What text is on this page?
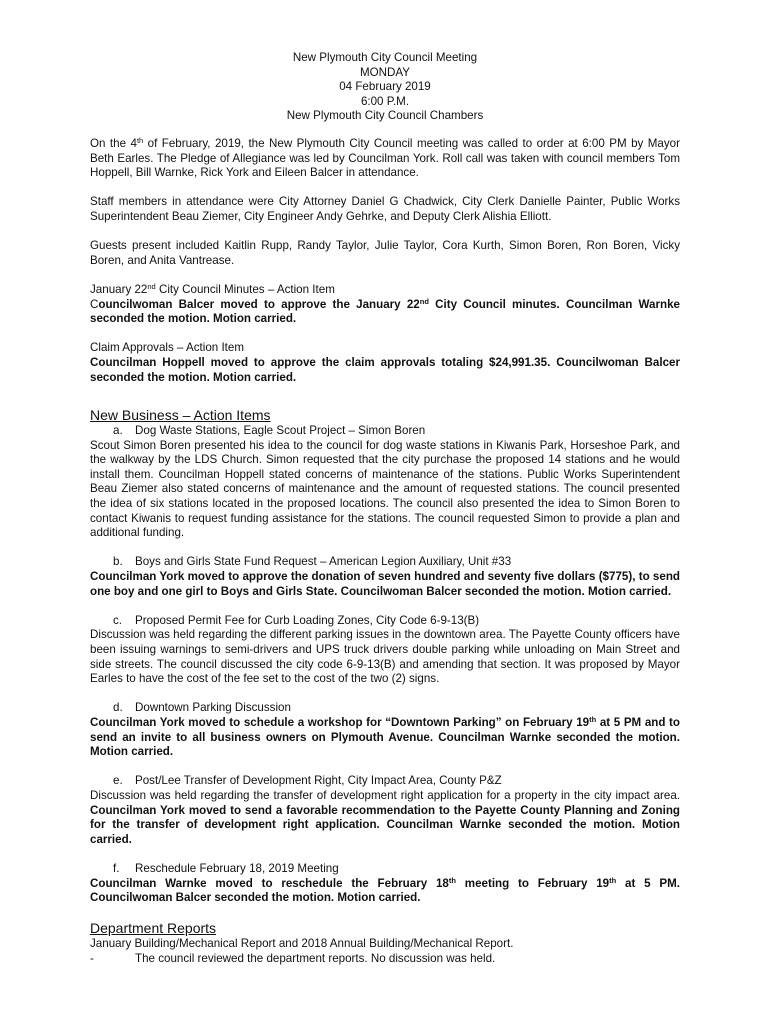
New Plymouth City Council Meeting
MONDAY
04 February 2019
6:00 P.M.
New Plymouth City Council Chambers

On the 4th of February, 2019, the New Plymouth City Council meeting was called to order at 6:00 PM by Mayor Beth Earles. The Pledge of Allegiance was led by Councilman York. Roll call was taken with council members Tom Hoppell, Bill Warnke, Rick York and Eileen Balcer in attendance.

Staff members in attendance were City Attorney Daniel G Chadwick, City Clerk Danielle Painter, Public Works Superintendent Beau Ziemer, City Engineer Andy Gehrke, and Deputy Clerk Alishia Elliott.

Guests present included Kaitlin Rupp, Randy Taylor, Julie Taylor, Cora Kurth, Simon Boren, Ron Boren, Vicky Boren, and Anita Vantrease.

January 22nd City Council Minutes – Action Item

Councilwoman Balcer moved to approve the January 22nd City Council minutes. Councilman Warnke seconded the motion. Motion carried.

Claim Approvals – Action Item

Councilman Hoppell moved to approve the claim approvals totaling $24,991.35. Councilwoman Balcer seconded the motion. Motion carried.

New Business – Action Items

a. Dog Waste Stations, Eagle Scout Project – Simon Boren

Scout Simon Boren presented his idea to the council for dog waste stations in Kiwanis Park, Horseshoe Park, and the walkway by the LDS Church. Simon requested that the city purchase the proposed 14 stations and he would install them. Councilman Hoppell stated concerns of maintenance of the stations. Public Works Superintendent Beau Ziemer also stated concerns of maintenance and the amount of requested stations. The council presented the idea of six stations located in the proposed locations. The council also presented the idea to Simon Boren to contact Kiwanis to request funding assistance for the stations. The council requested Simon to provide a plan and additional funding.

b. Boys and Girls State Fund Request – American Legion Auxiliary, Unit #33

Councilman York moved to approve the donation of seven hundred and seventy five dollars ($775), to send one boy and one girl to Boys and Girls State. Councilwoman Balcer seconded the motion. Motion carried.

c. Proposed Permit Fee for Curb Loading Zones, City Code 6-9-13(B)

Discussion was held regarding the different parking issues in the downtown area. The Payette County officers have been issuing warnings to semi-drivers and UPS truck drivers double parking while unloading on Main Street and side streets. The council discussed the city code 6-9-13(B) and amending that section. It was proposed by Mayor Earles to have the cost of the fee set to the cost of the two (2) signs.

d. Downtown Parking Discussion

Councilman York moved to schedule a workshop for “Downtown Parking” on February 19th at 5 PM and to send an invite to all business owners on Plymouth Avenue. Councilman Warnke seconded the motion. Motion carried.

e. Post/Lee Transfer of Development Right, City Impact Area, County P&Z

Discussion was held regarding the transfer of development right application for a property in the city impact area. Councilman York moved to send a favorable recommendation to the Payette County Planning and Zoning for the transfer of development right application. Councilman Warnke seconded the motion. Motion carried.

f. Reschedule February 18, 2019 Meeting

Councilman Warnke moved to reschedule the February 18th meeting to February 19th at 5 PM. Councilwoman Balcer seconded the motion. Motion carried.

Department Reports

January Building/Mechanical Report and 2018 Annual Building/Mechanical Report.

-	The council reviewed the department reports. No discussion was held.
